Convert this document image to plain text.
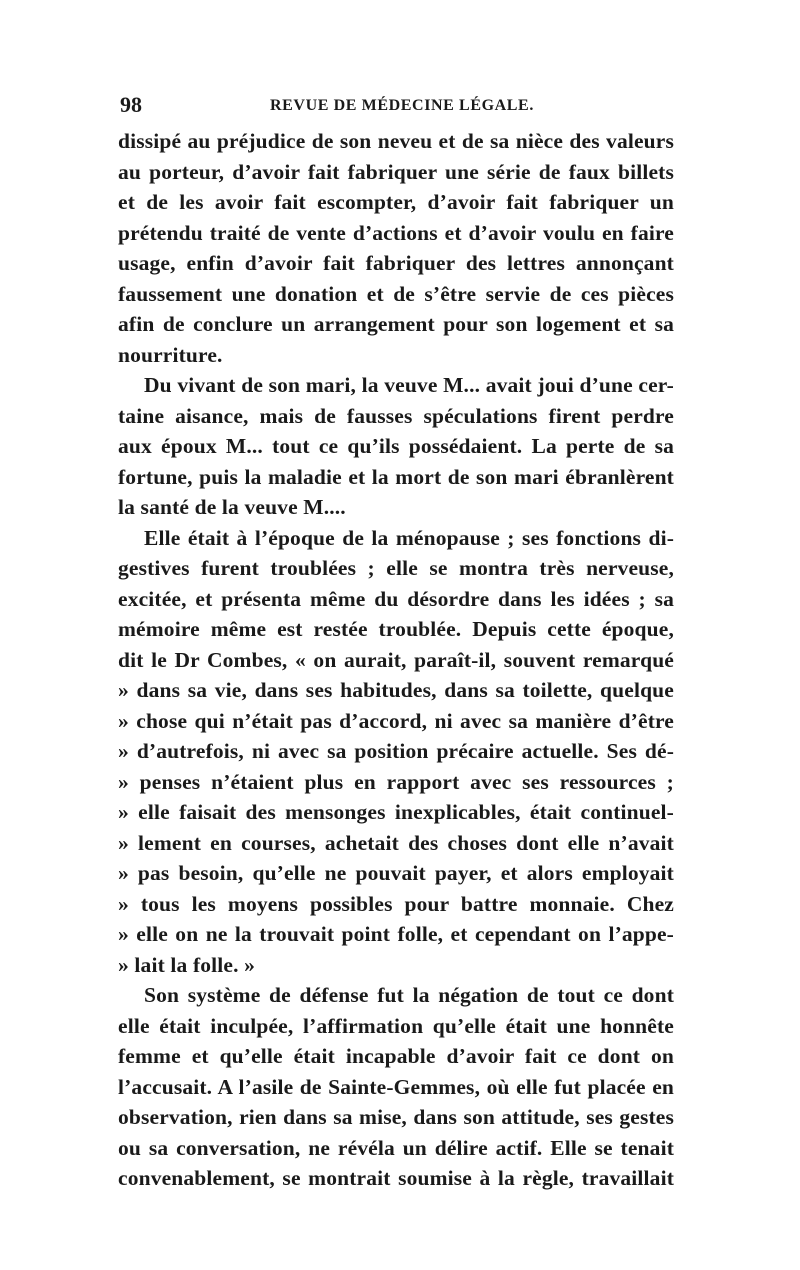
98	REVUE DE MÉDECINE LÉGALE.
dissipé au préjudice de son neveu et de sa nièce des valeurs
au porteur, d’avoir fait fabriquer une série de faux billets
et de les avoir fait escompter, d’avoir fait fabriquer un
prétendu traité de vente d’actions et d’avoir voulu en faire
usage, enfin d’avoir fait fabriquer des lettres annonçant
faussement une donation et de s’être servie de ces pièces
afin de conclure un arrangement pour son logement et sa
nourriture.
Du vivant de son mari, la veuve M... avait joui d’une cer-
taine aisance, mais de fausses spéculations firent perdre
aux époux M... tout ce qu’ils possédaient. La perte de sa
fortune, puis la maladie et la mort de son mari ébranlèrent
la santé de la veuve M....
Elle était à l’époque de la ménopause ; ses fonctions di-
gestives furent troublées ; elle se montra très nerveuse,
excitée, et présenta même du désordre dans les idées ; sa
mémoire même est restée troublée. Depuis cette époque,
dit le Dr Combes, « on aurait, paraît-il, souvent remarqué
» dans sa vie, dans ses habitudes, dans sa toilette, quelque
» chose qui n’était pas d’accord, ni avec sa manière d’être
» d’autrefois, ni avec sa position précaire actuelle. Ses dé-
» penses n’étaient plus en rapport avec ses ressources ;
» elle faisait des mensonges inexplicables, était continuel-
» lement en courses, achetait des choses dont elle n’avait
» pas besoin, qu’elle ne pouvait payer, et alors employait
» tous les moyens possibles pour battre monnaie. Chez
» elle on ne la trouvait point folle, et cependant on l’appe-
» lait la folle. »
Son système de défense fut la négation de tout ce dont
elle était inculpée, l’affirmation qu’elle était une honnête
femme et qu’elle était incapable d’avoir fait ce dont on
l’accusait. A l’asile de Sainte-Gemmes, où elle fut placée en
observation, rien dans sa mise, dans son attitude, ses gestes
ou sa conversation, ne révéla un délire actif. Elle se tenait
convenablement, se montrait soumise à la règle, travaillait
